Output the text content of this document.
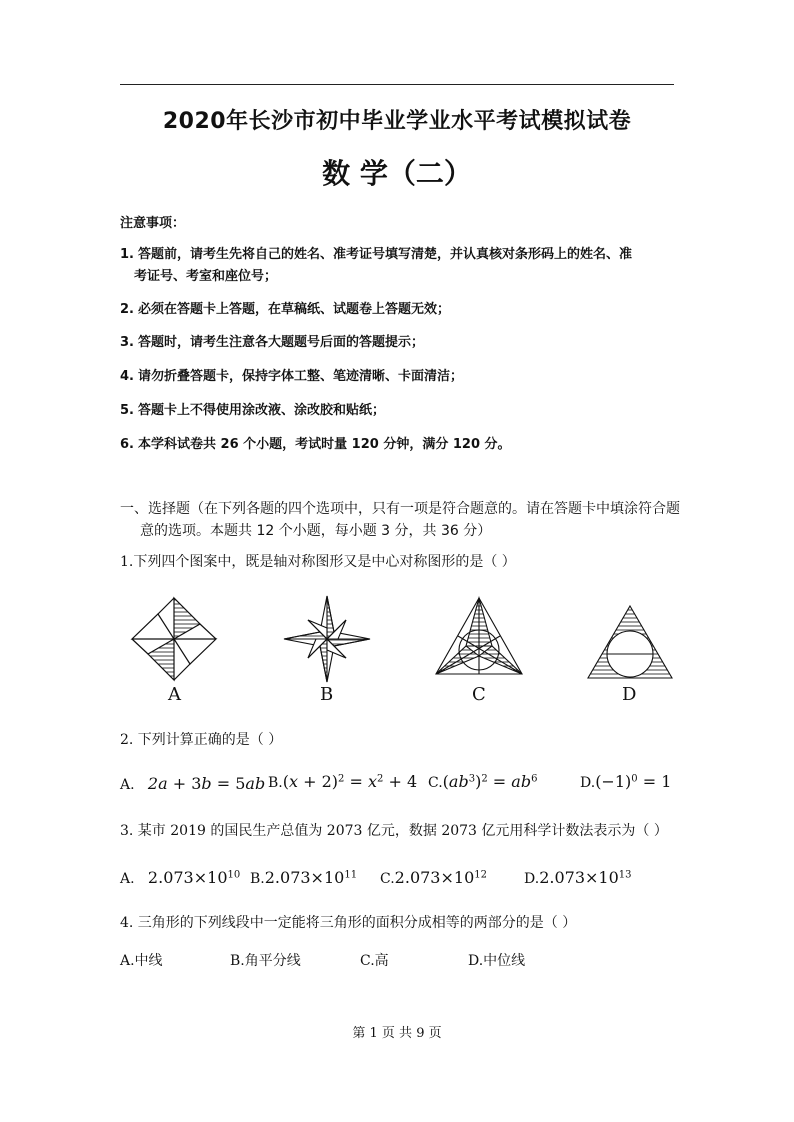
2020年长沙市初中毕业学业水平考试模拟试卷
数 学（二）
注意事项：
1. 答题前，请考生先将自己的姓名、准考证号填写清楚，并认真核对条形码上的姓名、准
考证号、考室和座位号；
2. 必须在答题卡上答题，在草稿纸、试题卷上答题无效；
3. 答题时，请考生注意各大题题号后面的答题提示；
4. 请勿折叠答题卡，保持字体工整、笔迹清晰、卡面清洁；
5. 答题卡上不得使用涂改液、涂改胶和贴纸；
6. 本学科试卷共 26 个小题，考试时量 120 分钟，满分 120 分。
一、选择题（在下列各题的四个选项中，只有一项是符合题意的。请在答题卡中填涂符合题
意的选项。本题共 12 个小题，每小题 3 分，共 36 分）
1.下列四个图案中，既是轴对称图形又是中心对称图形的是（ ）
A	B	C	D
2. 下列计算正确的是（ ）
A. 2a + 3b = 5ab $B.(x + 2)^2 = x^2 + 4$ $C.(ab^3)^2 = ab^6$	$D.(-1)^0 = 1$
3. 某市 2019 的国民生产总值为 2073 亿元，数据 2073 亿元用科学计数法表示为（ ）
A. $2.073\times 10^{10}$ $B.2.073\times 10^{11}$ $C.2.073\times 10^{12}$	$D.2.073\times 10^{13}$
4. 三角形的下列线段中一定能将三角形的面积分成相等的两部分的是（ ）
A.中线	B.角平分线	C.高	D.中位线
第 1 页 共 9 页
